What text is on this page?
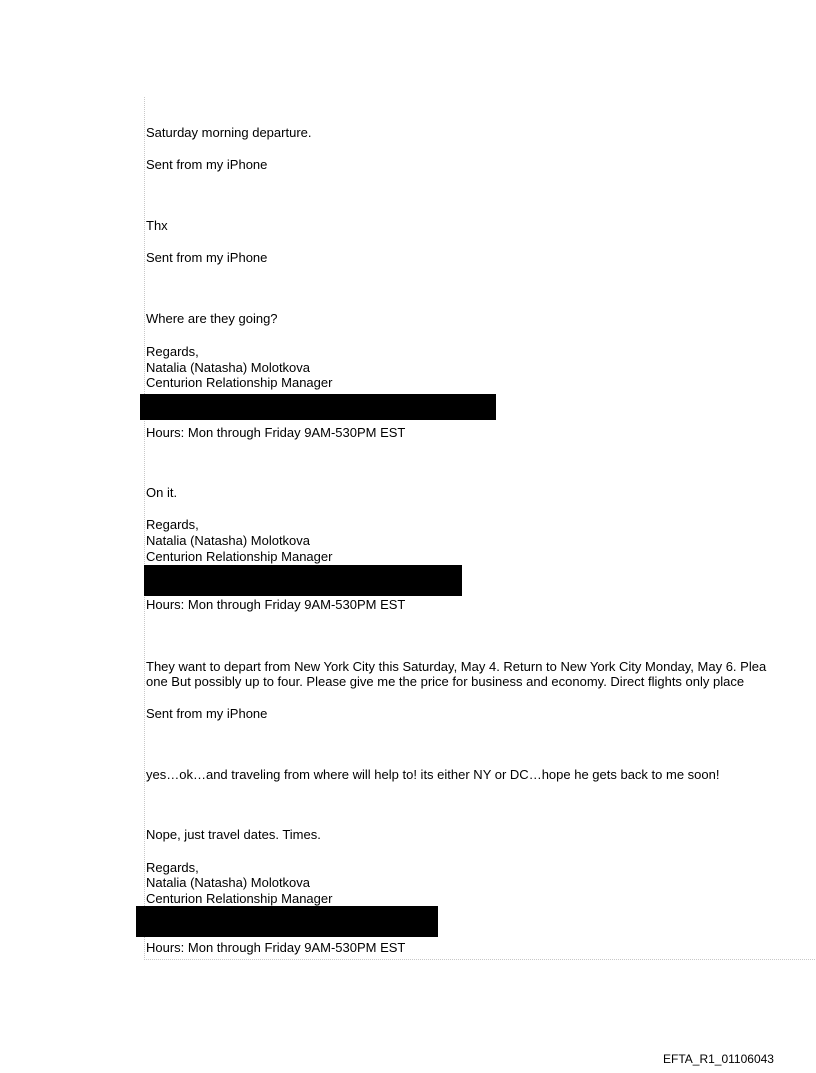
Saturday morning departure.
Sent from my iPhone
Thx
Sent from my iPhone
Where are they going?
Regards,
Natalia (Natasha) Molotkova
Centurion Relationship Manager
Hours: Mon through Friday 9AM-530PM EST
On it.
Regards,
Natalia (Natasha) Molotkova
Centurion Relationship Manager
Hours: Mon through Friday 9AM-530PM EST
They want to depart from New York City this Saturday, May 4. Return to New York City Monday, May 6. Plea
one But possibly up to four. Please give me the price for business and economy. Direct flights only place
Sent from my iPhone
yes…ok…and traveling from where will help to! its either NY or DC…hope he gets back to me soon!
Nope, just travel dates. Times.
Regards,
Natalia (Natasha) Molotkova
Centurion Relationship Manager
Hours: Mon through Friday 9AM-530PM EST
EFTA_R1_01106043
